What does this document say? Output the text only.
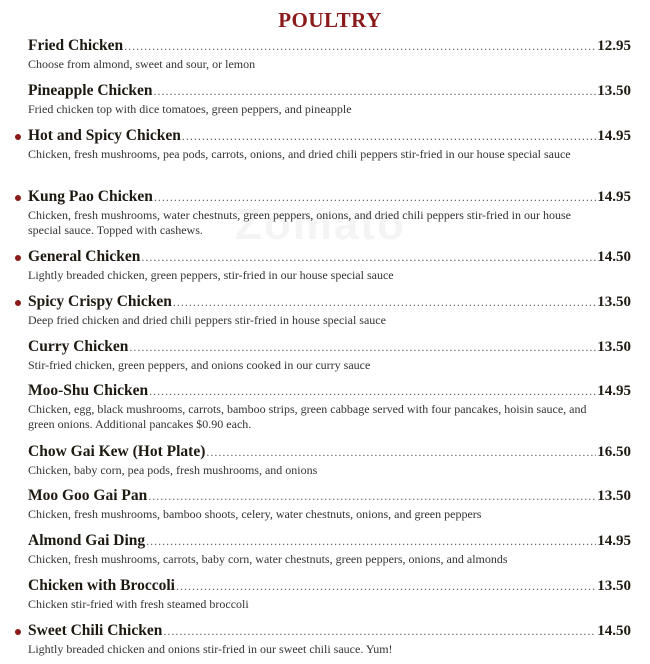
POULTRY
Fried Chicken .....	12.95
Choose from almond, sweet and sour, or lemon
Pineapple Chicken .....	13.50
Fried chicken top with dice tomatoes, green peppers, and pineapple
Hot and Spicy Chicken .....	14.95
Chicken, fresh mushrooms, pea pods, carrots, onions, and dried chili peppers stir-fried in our house special sauce
Kung Pao Chicken .....	14.95
Chicken, fresh mushrooms, water chestnuts, green peppers, onions, and dried chili peppers stir-fried in our house special sauce. Topped with cashews.
General Chicken .....	14.50
Lightly breaded chicken, green peppers, stir-fried in our house special sauce
Spicy Crispy Chicken .....	13.50
Deep fried chicken and dried chili peppers stir-fried in house special sauce
Curry Chicken .....	13.50
Stir-fried chicken, green peppers, and onions cooked in our curry sauce
Moo-Shu Chicken .....	14.95
Chicken, egg, black mushrooms, carrots, bamboo strips, green cabbage served with four pancakes, hoisin sauce, and green onions. Additional pancakes $0.90 each.
Chow Gai Kew (Hot Plate) .....	16.50
Chicken, baby corn, pea pods, fresh mushrooms, and onions
Moo Goo Gai Pan .....	13.50
Chicken, fresh mushrooms, bamboo shoots, celery, water chestnuts, onions, and green peppers
Almond Gai Ding .....	14.95
Chicken, fresh mushrooms, carrots, baby corn, water chestnuts, green peppers, onions, and almonds
Chicken with Broccoli .....	13.50
Chicken stir-fried with fresh steamed broccoli
Sweet Chili Chicken .....	14.50
Lightly breaded chicken and onions stir-fried in our sweet chili sauce. Yum!
